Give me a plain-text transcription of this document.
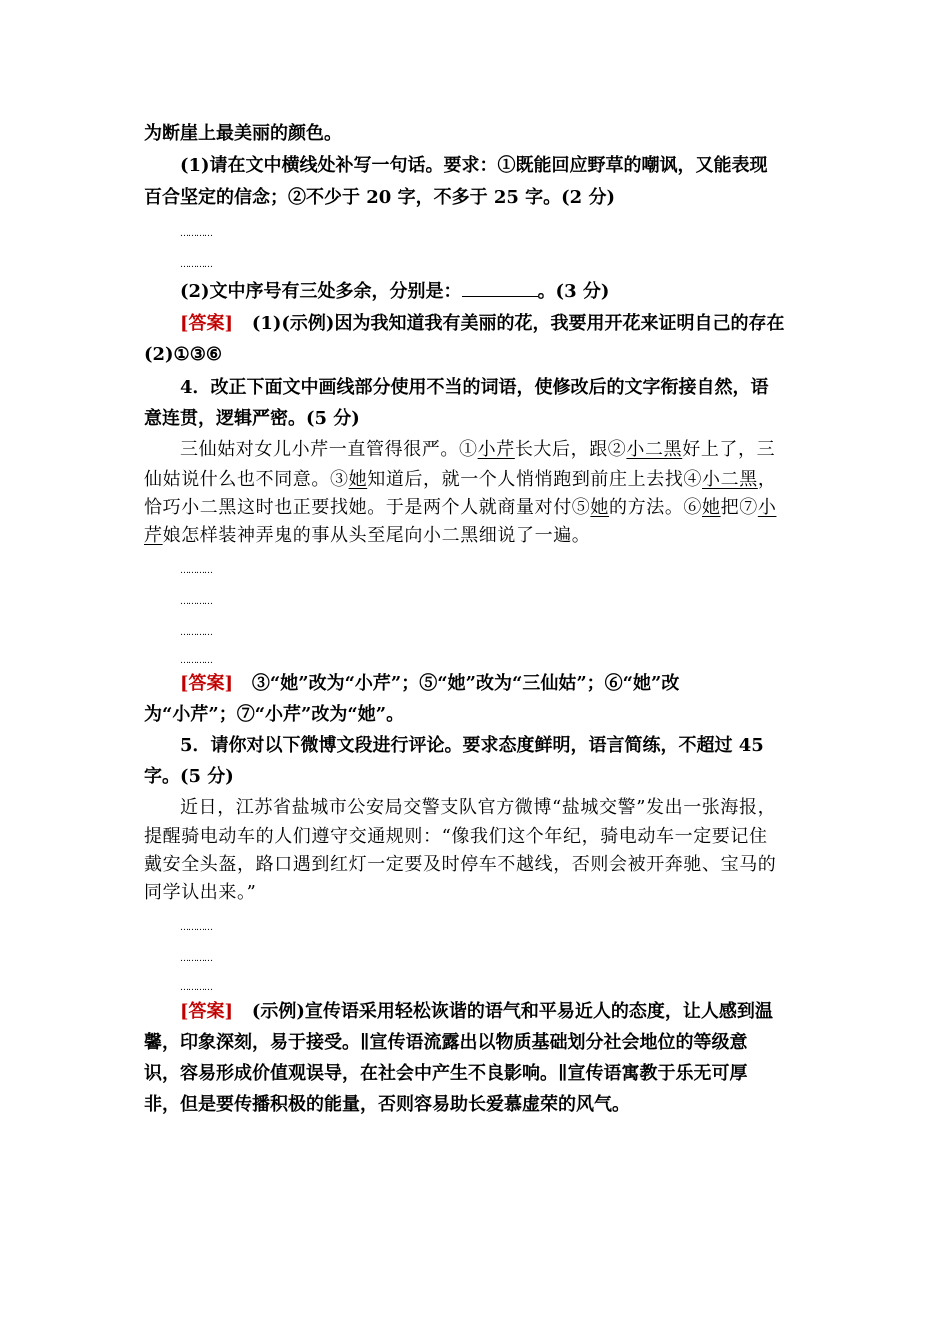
为断崖上最美丽的颜色。
(1)请在文中横线处补写一句话。要求：①既能回应野草的嘲讽，又能表现
百合坚定的信念；②不少于 20 字，不多于 25 字。(2 分)
…………
…………
(2)文中序号有三处多余，分别是：	。(3 分)
[答案] (1)(示例)因为我知道我有美丽的花，我要用开花来证明自己的存在
(2)①③⑥
4．改正下面文中画线部分使用不当的词语，使修改后的文字衔接自然，语
意连贯，逻辑严密。(5 分)
三仙姑对女儿小芹一直管得很严。①小芹长大后，跟②小二黑好上了，三
仙姑说什么也不同意。③她知道后，就一个人悄悄跑到前庄上去找④小二黑，
恰巧小二黑这时也正要找她。于是两个人就商量对付⑤她的方法。⑥她把⑦小
芹娘怎样装神弄鬼的事从头至尾向小二黑细说了一遍。
…………
…………
…………
…………
[答案] ③“她”改为“小芹”；⑤“她”改为“三仙姑”；⑥“她”改
为“小芹”；⑦“小芹”改为“她”。
5．请你对以下微博文段进行评论。要求态度鲜明，语言简练，不超过 45
字。(5 分)
近日，江苏省盐城市公安局交警支队官方微博“盐城交警”发出一张海报，
提醒骑电动车的人们遵守交通规则：“像我们这个年纪，骑电动车一定要记住
戴安全头盔，路口遇到红灯一定要及时停车不越线，否则会被开奔驰、宝马的
同学认出来。”
…………
…………
…………
[答案] (示例)宣传语采用轻松诙谐的语气和平易近人的态度，让人感到温
馨，印象深刻，易于接受。∥宣传语流露出以物质基础划分社会地位的等级意
识，容易形成价值观误导，在社会中产生不良影响。∥宣传语寓教于乐无可厚
非，但是要传播积极的能量，否则容易助长爱慕虚荣的风气。
